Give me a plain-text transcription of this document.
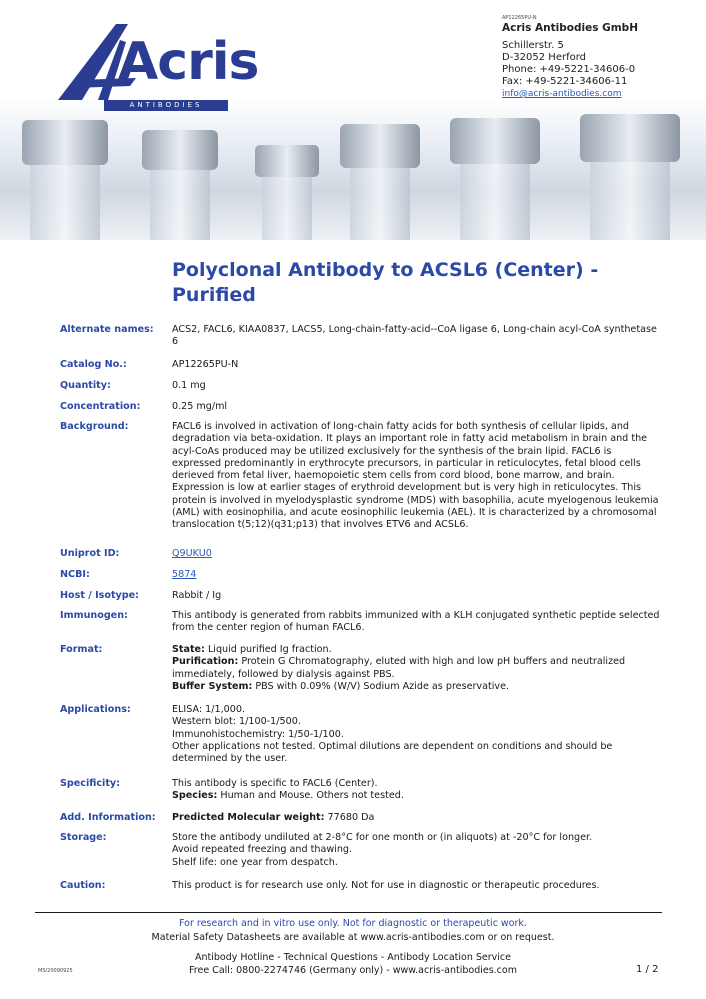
Acris
ANTIBODIES
AP12265PU-N
Acris Antibodies GmbH
Schillerstr. 5
D-32052 Herford
Phone: +49-5221-34606-0
Fax: +49-5221-34606-11
info@acris-antibodies.com
Polyclonal Antibody to ACSL6 (Center) - Purified
Alternate names:	ACS2, FACL6, KIAA0837, LACS5, Long-chain-fatty-acid--CoA ligase 6, Long-chain acyl-CoA synthetase 6
Catalog No.:	AP12265PU-N
Quantity:	0.1 mg
Concentration:	0.25 mg/ml
Background:	FACL6 is involved in activation of long-chain fatty acids for both synthesis of cellular lipids, and degradation via beta-oxidation. It plays an important role in fatty acid metabolism in brain and the acyl-CoAs produced may be utilized exclusively for the synthesis of the brain lipid. FACL6 is expressed predominantly in erythrocyte precursors, in particular in reticulocytes, fetal blood cells derieved from fetal liver, haemopoietic stem cells from cord blood, bone marrow, and brain. Expression is low at earlier stages of erythroid development but is very high in reticulocytes. This protein is involved in myelodysplastic syndrome (MDS) with basophilia, acute myelogenous leukemia (AML) with eosinophilia, and acute eosinophilic leukemia (AEL). It is characterized by a chromosomal translocation t(5;12)(q31;p13) that involves ETV6 and ACSL6.
Uniprot ID:	Q9UKU0
NCBI:	5874
Host / Isotype:	Rabbit / Ig
Immunogen:	This antibody is generated from rabbits immunized with a KLH conjugated synthetic peptide selected from the center region of human FACL6.
Format:	State: Liquid purified Ig fraction.

Purification: Protein G Chromatography, eluted with high and low pH buffers and neutralized immediately, followed by dialysis against PBS.

Buffer System: PBS with 0.09% (W/V) Sodium Azide as preservative.

Applications:	ELISA: 1/1,000.

Western blot: 1/100-1/500.

Immunohistochemistry: 1/50-1/100.

Other applications not tested. Optimal dilutions are dependent on conditions and should be determined by the user.

Specificity:	This antibody is specific to FACL6 (Center).

Species: Human and Mouse. Others not tested.

Add. Information:	Predicted Molecular weight: 77680 Da

Storage:	Store the antibody undiluted at 2-8°C for one month or (in aliquots) at -20°C for longer.

Avoid repeated freezing and thawing.

Shelf life: one year from despatch.

Caution:	This product is for research use only. Not for use in diagnostic or therapeutic procedures.
For research and in vitro use only. Not for diagnostic or therapeutic work.
Material Safety Datasheets are available at www.acris-antibodies.com or on request.
Antibody Hotline - Technical Questions - Antibody Location Service
Free Call: 0800-2274746 (Germany only) - www.acris-antibodies.com
MS/20090925	1 / 2
